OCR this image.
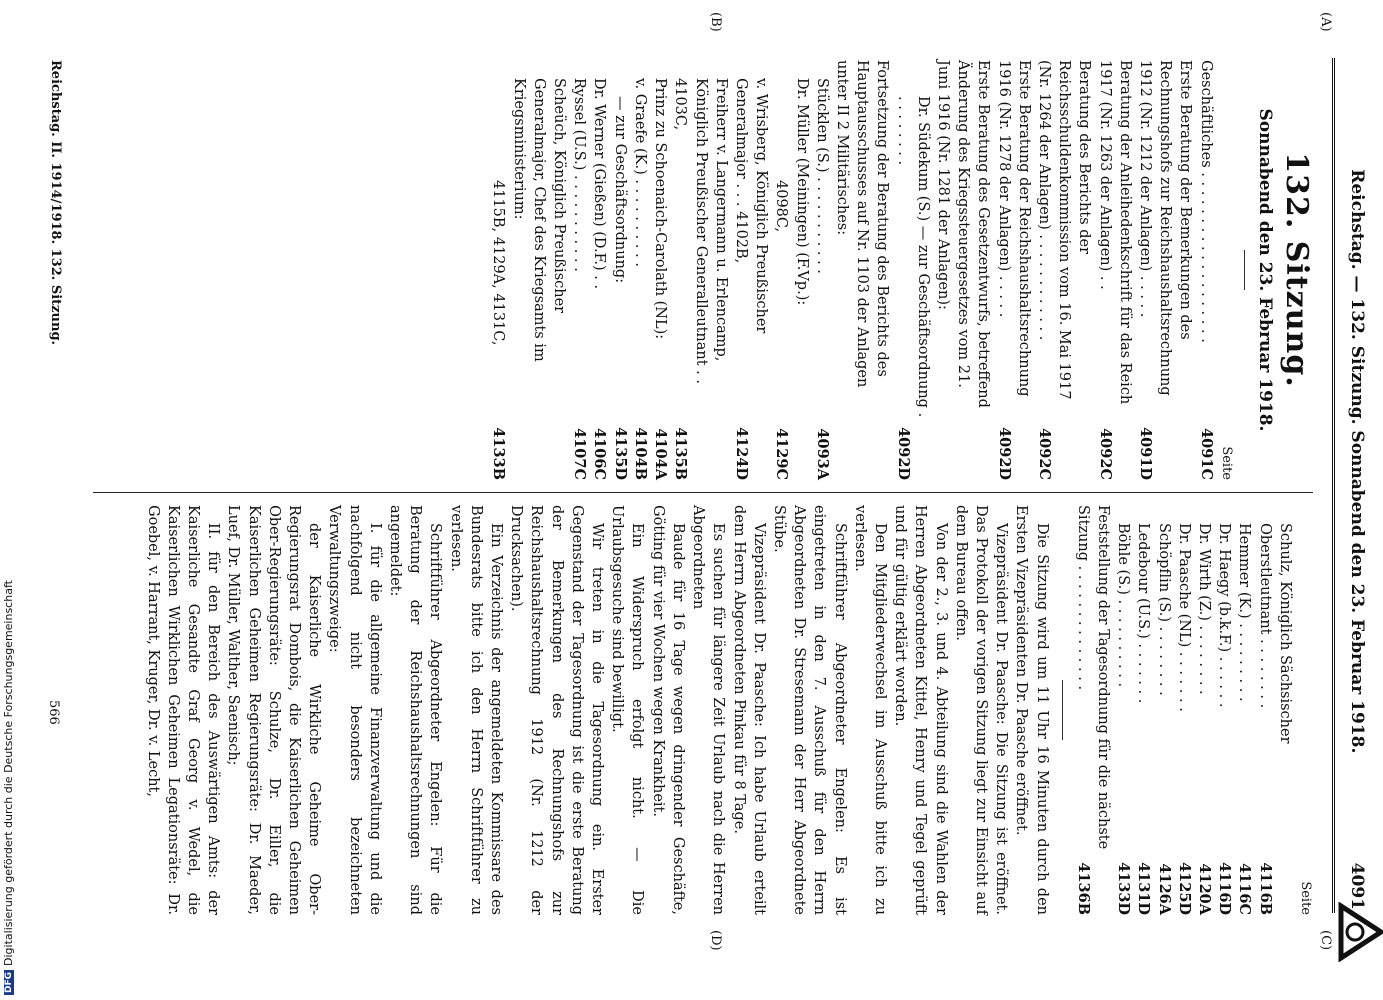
Reichstag. — 132. Sitzung. Sonnabend den 23. Februar 1918.
4091
(A)
(B)
(C)
(D)
132. Sitzung.
Sonnabend den 23. Februar 1918.
Seite
Geschäftliches . . . . . . . . . . . . . . . . . . .
4091C
Erste Beratung der Bemerkungen des Rechnungshofs zur Reichshaushaltsrechnung 1912 (Nr. 1212 der Anlagen) . . . . .
4091D
Beratung der Anleihedenkschrift für das Reich 1917 (Nr. 1263 der Anlagen) . .
4092C
Beratung des Berichts der Reichsschuldenkommission vom 16. Mai 1917 (Nr. 1264 der Anlagen) . . . . . . . . . . . .
4092C
Erste Beratung der Reichshaushaltsrechnung 1916 (Nr. 1278 der Anlagen) . . . . .
4092D
Erste Beratung des Gesetzentwurfs, betreffend Änderung des Kriegssteuergesetzes vom 21. Juni 1916 (Nr. 1281 der Anlagen):
Dr. Südekum (S.) — zur Geschäftsordnung . . . . . . . . .
4092D
Fortsetzung der Beratung des Berichts des Hauptausschusses auf Nr. 1103 der Anlagen unter II 2 Militärisches:
Stücklen (S.) . . . . . . . . . . .
4093A
Dr. Müller (Meiningen) (F.Vp.):
4098C,
4129C
v. Wrisberg, Königlich Preußischer Generalmajor . . . 4102B,
4124D
Freiherr v. Langermann u. Erlencamp, Königlich Preußischer Generalleutnant . . 4103C,
4135B
Prinz zu Schoenaich-Carolath (NL):
4104A
v. Graefe (K.) . . . . . . . . . .
4104B
— zur Geschäftsordnung:
4135D
Dr. Werner (Gießen) (D.F.) . .
4106C
Ryssel (U.S.) . . . . . . . . . . .
4107C
Scheüch, Königlich Preußischer Generalmajor, Chef des Kriegsamts im Kriegsministerium:
4115B, 4129A, 4131C,
4133B
Seite
Schulz, Königlich Sächsischer Oberstleutnant . . . . . . . .
4116B
Hemmer (K.) . . . . . . . . .
4116C
Dr. Haegy (b.k.F.) . . . . . .
4116D
Dr. Wirth (Z.) . . . . . . . .
4120A
Dr. Paasche (NL) . . . . . . .
4125D
Schöpflin (S.) . . . . . . . .
4126A
Ledebour (U.S.) . . . . . . .
4131D
Böhle (S.) . . . . . . . . . .
4133D
Feststellung der Tagesordnung für die nächste Sitzung . . . . . . . . . . . . . .
4136B

Die Sitzung wird um 11 Uhr 16 Minuten durch den Ersten Vizepräsidenten Dr. Paasche eröffnet.

Vizepräsident Dr. Paasche: Die Sitzung ist eröffnet. Das Protokoll der vorigen Sitzung liegt zur Einsicht auf dem Bureau offen.

Von der 2., 3. und 4. Abteilung sind die Wahlen der Herren Abgeordneten Kittel, Henry und Tegel geprüft und für gültig erklärt worden.

Den Mitgliederwechsel im Ausschuß bitte ich zu verlesen.

Schriftführer Abgeordneter Engelen: Es ist eingetreten in den 7. Ausschuß für den Herrn Abgeordneten Dr. Stresemann der Herr Abgeordnete Stübe.

Vizepräsident Dr. Paasche: Ich habe Urlaub erteilt dem Herrn Abgeordneten Pinkau für 8 Tage.

Es suchen für längere Zeit Urlaub nach die Herren Abgeordneten

Baude für 16 Tage wegen dringender Geschäfte, Götting für vier Wochen wegen Krankheit.

Ein Widerspruch erfolgt nicht. — Die Urlaubsgesuche sind bewilligt.

Wir treten in die Tagesordnung ein. Erster Gegenstand der Tagesordnung ist die erste Beratung der Bemerkungen des Rechnungshofs zur Reichshaushaltsrechnung 1912 (Nr. 1212 der Drucksachen).

Ein Verzeichnis der angemeldeten Kommissare des Bundesrats bitte ich den Herrn Schriftführer zu verlesen.

Schriftführer Abgeordneter Engelen: Für die Beratung der Reichshaushaltsrechnungen sind angemeldet:

I. für die allgemeine Finanzverwaltung und die nachfolgend nicht besonders bezeichneten Verwaltungszweige:

der Kaiserliche Wirkliche Geheime Ober-Regierungsrat Dombois, die Kaiserlichen Geheimen Ober-Regierungsräte: Schulze, Dr. Eiller, die Kaiserlichen Geheimen Regierungsräte: Dr. Maeder, Luef, Dr. Müller, Walther, Saenisch;

II. für den Bereich des Auswärtigen Amts: der Kaiserliche Gesandte Graf Georg v. Wedel, die Kaiserlichen Wirklichen Geheimen Legationsräte: Dr. Goebel, v. Harrant, Kruger, Dr. v. Lecht,

Reichstag. II. 1914/1918. 132. Sitzung.
566
DFG
Digitalisierung gefördert durch die Deutsche Forschungsgemeinschaft
